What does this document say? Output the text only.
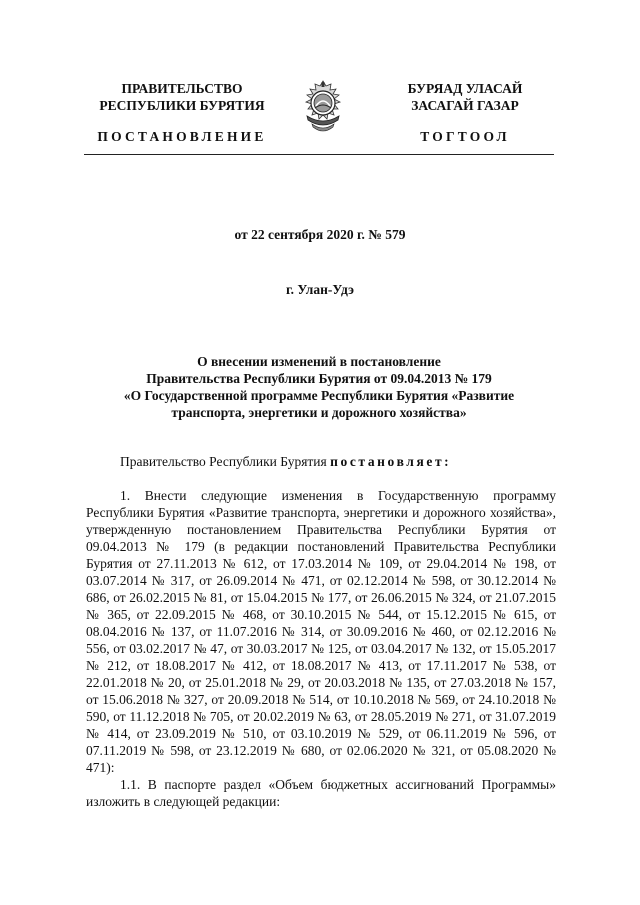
ПРАВИТЕЛЬСТВО
РЕСПУБЛИКИ БУРЯТИЯ
ПОСТАНОВЛЕНИЕ
БУРЯАД УЛАСАЙ
ЗАСАГАЙ ГАЗАР
ТОГТООЛ
от 22 сентября 2020 г. № 579
г. Улан-Удэ
О внесении изменений в постановление
Правительства Республики Бурятия от 09.04.2013 № 179
«О Государственной программе Республики Бурятия «Развитие
транспорта, энергетики и дорожного хозяйства»

Правительство Республики Бурятия постановляет:

1. Внести следующие изменения в Государственную программу Республики Бурятия «Развитие транспорта, энергетики и дорожного хозяйства», утвержденную постановлением Правительства Республики Бурятия от 09.04.2013 № 179 (в редакции постановлений Правительства Республики Бурятия от 27.11.2013 № 612, от 17.03.2014 № 109, от 29.04.2014 № 198, от 03.07.2014 № 317, от 26.09.2014 № 471, от 02.12.2014 № 598, от 30.12.2014 № 686, от 26.02.2015 № 81, от 15.04.2015 № 177, от 26.06.2015 № 324, от 21.07.2015 № 365, от 22.09.2015 № 468, от 30.10.2015 № 544, от 15.12.2015 № 615, от 08.04.2016 № 137, от 11.07.2016 № 314, от 30.09.2016 № 460, от 02.12.2016 № 556, от 03.02.2017 № 47, от 30.03.2017 № 125, от 03.04.2017 № 132, от 15.05.2017 № 212, от 18.08.2017 № 412, от 18.08.2017 № 413, от 17.11.2017 № 538, от 22.01.2018 № 20, от 25.01.2018 № 29, от 20.03.2018 № 135, от 27.03.2018 № 157, от 15.06.2018 № 327, от 20.09.2018 № 514, от 10.10.2018 № 569, от 24.10.2018 № 590, от 11.12.2018 № 705, от 20.02.2019 № 63, от 28.05.2019 № 271, от 31.07.2019 № 414, от 23.09.2019 № 510, от 03.10.2019 № 529, от 06.11.2019 № 596, от 07.11.2019 № 598, от 23.12.2019 № 680, от 02.06.2020 № 321, от 05.08.2020 № 471):

1.1. В паспорте раздел «Объем бюджетных ассигнований Программы» изложить в следующей редакции:
